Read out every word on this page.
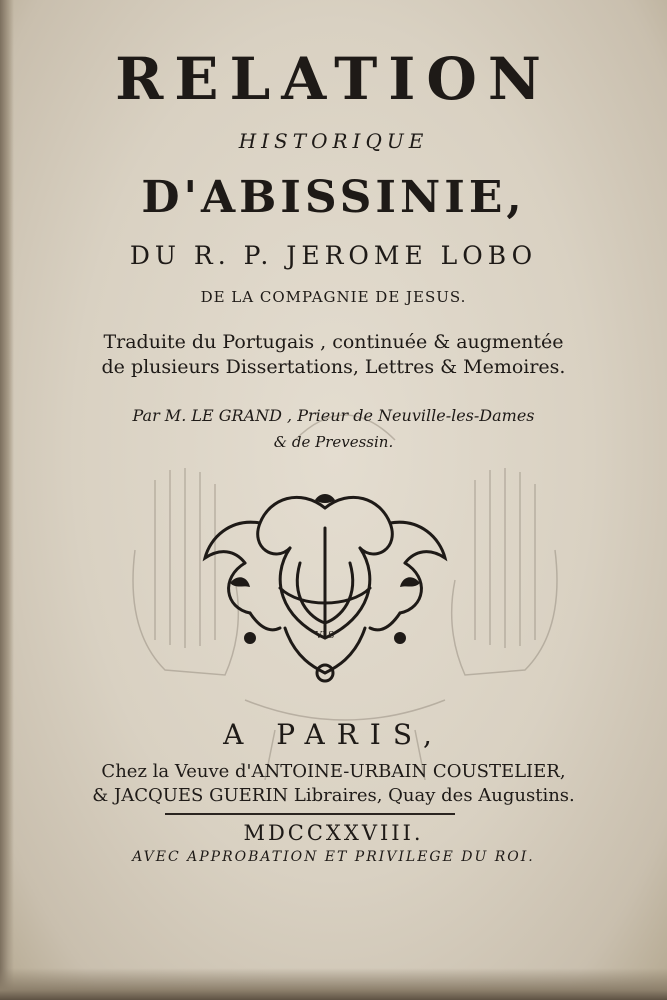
RELATION
HISTORIQUE
D'ABISSINIE,
DU R. P. JEROME LOBO
DE LA COMPAGNIE DE JESUS.
Traduite du Portugais , continuée & augmentée
de plusieurs Dissertations, Lettres & Memoires.
Par M. LE GRAND , Prieur de Neuville-les-Dames
& de Prevessin.
VLS
A PARIS,
Chez la Veuve d'ANTOINE-URBAIN COUSTELIER,
& JACQUES GUERIN Libraires, Quay des Augustins.
MDCCXXVIII.
AVEC APPROBATION ET PRIVILEGE DU ROI.
